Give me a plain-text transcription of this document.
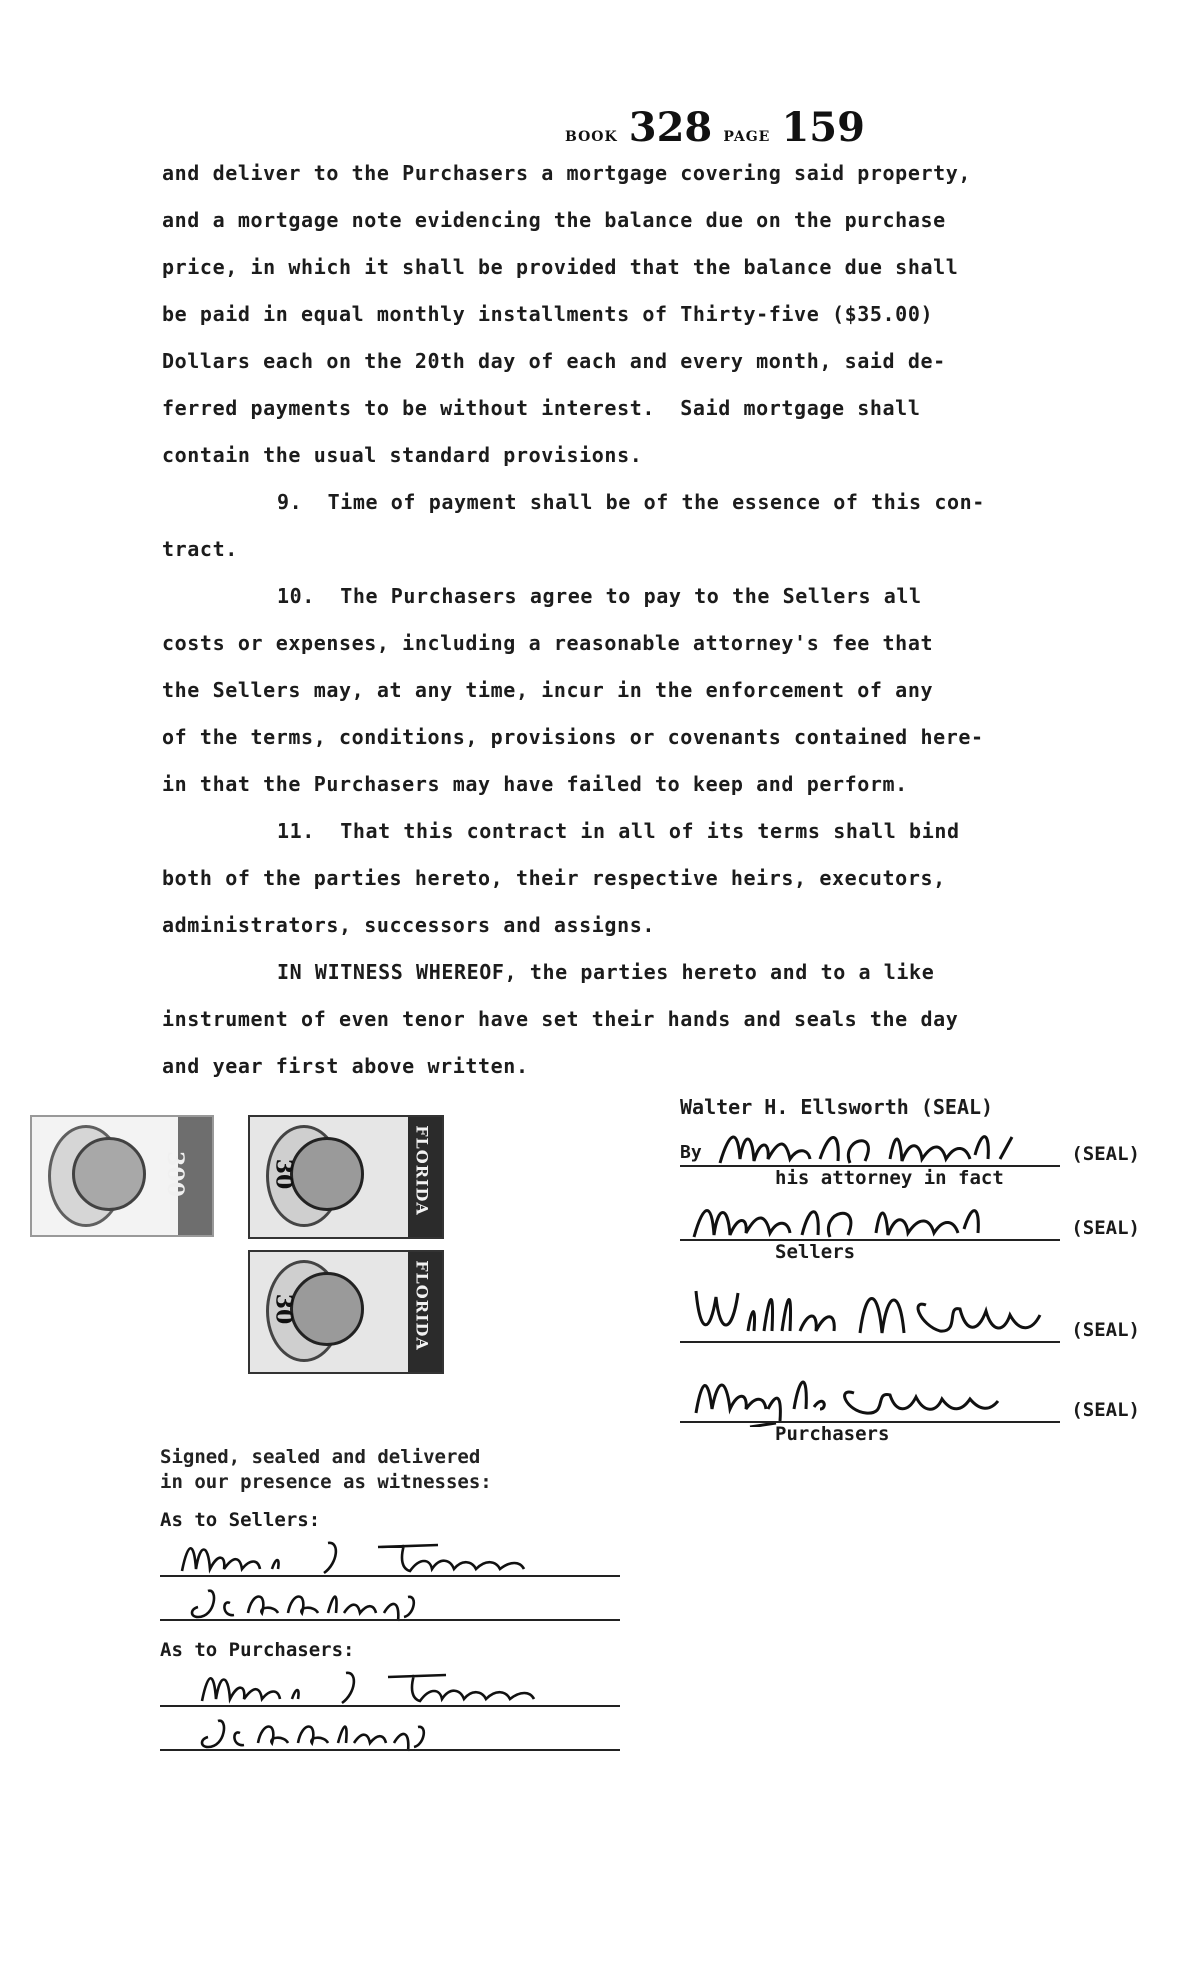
BOOK 328 PAGE 159
and deliver to the Purchasers a mortgage covering said property,
and a mortgage note evidencing the balance due on the purchase
price, in which it shall be provided that the balance due shall
be paid in equal monthly installments of Thirty-five ($35.00)
Dollars each on the 20th day of each and every month, said de-
ferred payments to be without interest.  Said mortgage shall
contain the usual standard provisions.
9.  Time of payment shall be of the essence of this con-
tract.
10.  The Purchasers agree to pay to the Sellers all
costs or expenses, including a reasonable attorney's fee that
the Sellers may, at any time, incur in the enforcement of any
of the terms, conditions, provisions or covenants contained here-
in that the Purchasers may have failed to keep and perform.
11.  That this contract in all of its terms shall bind
both of the parties hereto, their respective heirs, executors,
administrators, successors and assigns.
IN WITNESS WHEREOF, the parties hereto and to a like
instrument of even tenor have set their hands and seals the day
and year first above written.
300	FLORIDA
30
FLORIDA
30
Walter H. Ellsworth (SEAL)
By	(SEAL)
his attorney in fact
(SEAL)
Sellers
(SEAL)
(SEAL)
Purchasers
Signed, sealed and delivered
in our presence as witnesses:
As to Sellers:
As to Purchasers:
